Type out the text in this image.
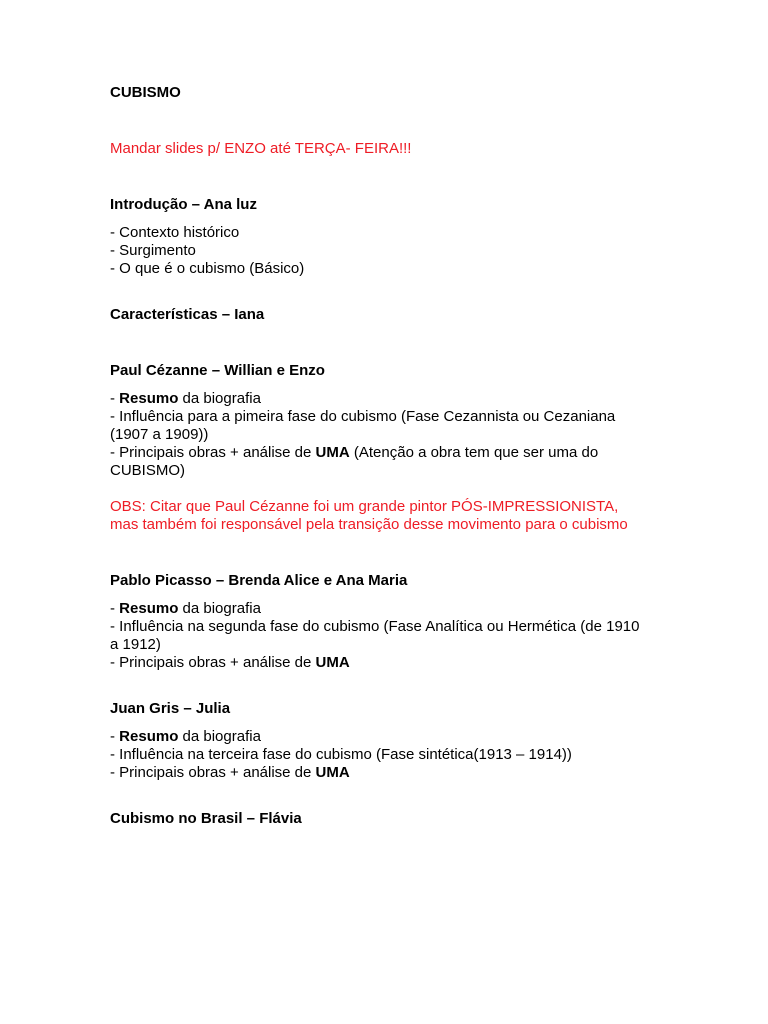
CUBISMO
Mandar slides p/ ENZO até TERÇA- FEIRA!!!
Introdução – Ana luz
- Contexto histórico
- Surgimento
- O que é o cubismo (Básico)
Características – Iana
Paul Cézanne – Willian e Enzo
- Resumo da biografia
- Influência para a pimeira fase do cubismo (Fase Cezannista ou Cezaniana
(1907 a 1909))
- Principais obras + análise de UMA (Atenção a obra tem que ser uma do
CUBISMO)
OBS: Citar que Paul Cézanne foi um grande pintor PÓS-IMPRESSIONISTA,
mas também foi responsável pela transição desse movimento para o cubismo
Pablo Picasso – Brenda Alice e Ana Maria
- Resumo da biografia
- Influência na segunda fase do cubismo (Fase Analítica ou Hermética (de 1910
a 1912)
- Principais obras + análise de UMA
Juan Gris – Julia
- Resumo da biografia
- Influência na terceira fase do cubismo (Fase sintética(1913 – 1914))
- Principais obras + análise de UMA
Cubismo no Brasil – Flávia
